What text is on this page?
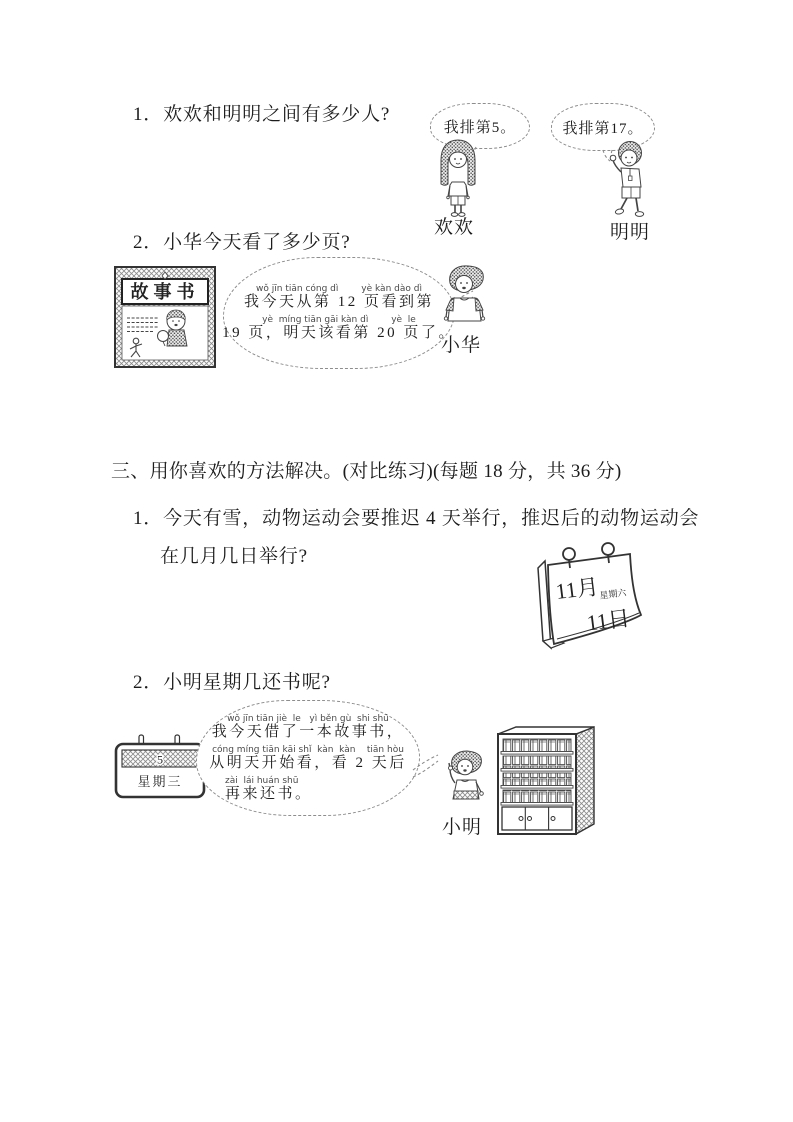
1．欢欢和明明之间有多少人?
我排第5。	我排第17。
欢欢	明明
2．小华今天看了多少页?
故事书	wǒ jīn tiān cóng dì        yè kàn dào dì
我今天从第 12 页看到第
yè  míng tiān gāi kàn dì        yè  le
19 页，明天该看第 20 页了。
小华
三、用你喜欢的方法解决。(对比练习)(每题 18 分，共 36 分)
1．今天有雪，动物运动会要推迟 4 天举行，推迟后的动物运动会
在几月几日举行?
11月
星期六
11日
2．小明星期几还书呢?
5
星期三
wǒ jīn tiān jiè  le   yì běn gù  shi shū
我今天借了一本故事书，
cóng míng tiān kāi shǐ  kàn  kàn    tiān hòu
从明天开始看，看 2 天后
zài  lái huán shū
再来还书。
小明
